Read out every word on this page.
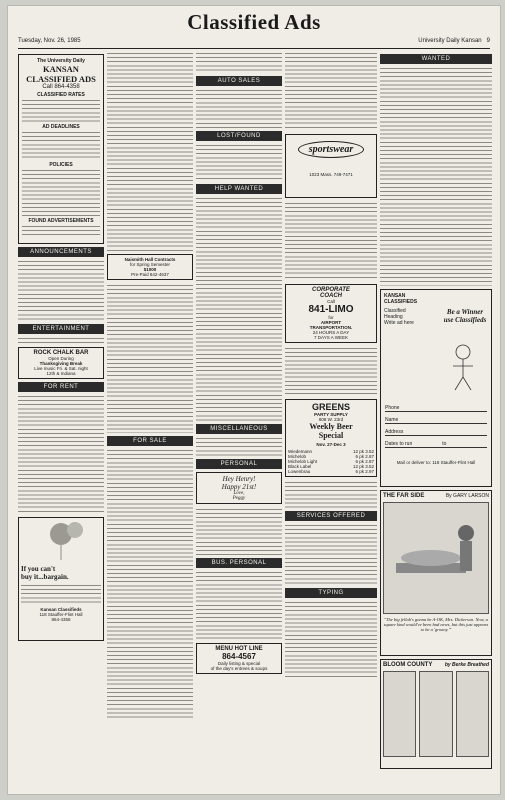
Classified Ads
Tuesday, Nov. 26, 1985	University Daily Kansan 9
The University Daily
KANSAN CLASSIFIED ADS
Call 864-4358
CLASSIFIED RATES
AD DEADLINES
POLICIES
FOUND ADVERTISEMENTS
ANNOUNCEMENTS
ENTERTAINMENT
ROCK CHALK BAR
Open During
Thanksgiving Break
Live music Fri. & Sat. night
12th & Indiana
FOR RENT
If you can't
buy it...bargain.
Kansan Classifieds
118 Stauffer-Flint Hall
864-4358
Naismith Hall Contracts
for Spring Semester
$1000
Pre-Paid 842-4637
FOR SALE
AUTO SALES
LOST/FOUND
HELP WANTED
MISCELLANEOUS
PERSONAL
Hey Henry!
Happy 21st!
Love,
Peggy
BUS. PERSONAL
MENU HOT LINE
864-4567
Daily listing & special
of the day's entrees & soups
sportswear
1023 Mass. 749-7471
CORPORATE
COACH
Call
841-LIMO
for
AIRPORT
TRANSPORTATION.
24 HOURS A DAY
7 DAYS A WEEK
GREENS
PARTY SUPPLY
808 W. 23rd
Weekly Beer
Special
Nov. 27-Dec 3
Wiedemann	12 pk 3.52
Michelob	6 pk 2.87
Michelob Light	6 pk 2.87
Black Label	12 pk 3.52
Lowenbrau	6 pk 2.97
SERVICES OFFERED
TYPING
WANTED
KANSAN
CLASSIFIEDS
Classified
Heading
Write ad here
Be a Winner use Classifieds
Phone
Name
Address
Dates to run	to
Mail or deliver to: 118 Stauffer-Flint Hall
THE FAR SIDE	By GARY LARSON
"The big fellah's gonna be A-OK, Mrs. Dickerson. Now, a square kind would've been bad news, but this just appears to be a 'groany.'"
BLOOM COUNTY by Berke Breathed
